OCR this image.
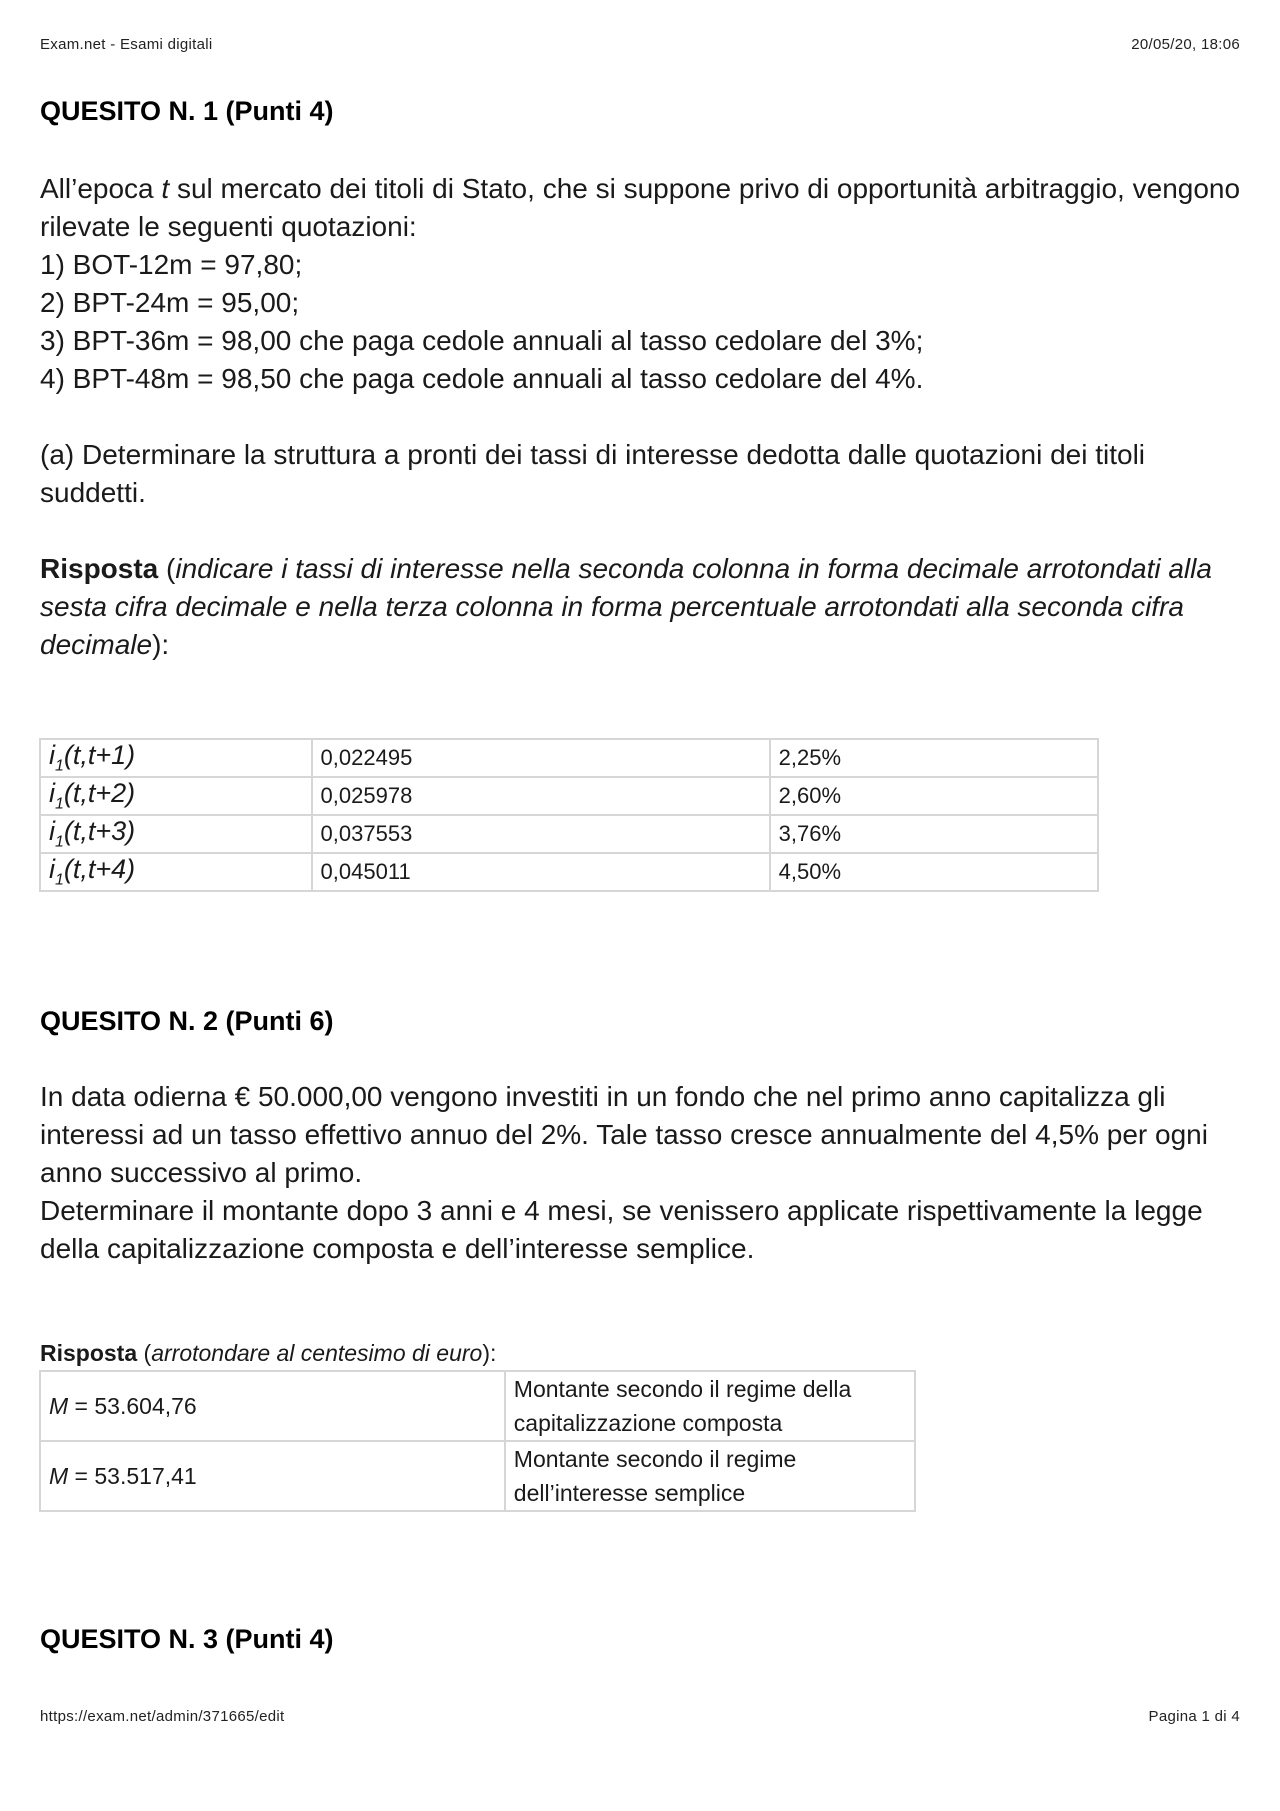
Exam.net - Esami digitali	20/05/20, 18:06
QUESITO N. 1 (Punti 4)

All’epoca t sul mercato dei titoli di Stato, che si suppone privo di opportunità arbitraggio, vengono rilevate le seguenti quotazioni:

1) BOT-12m = 97,80;

2) BPT-24m = 95,00;

3) BPT-36m = 98,00 che paga cedole annuali al tasso cedolare del 3%;

4) BPT-48m = 98,50 che paga cedole annuali al tasso cedolare del 4%.

(a) Determinare la struttura a pronti dei tassi di interesse dedotta dalle quotazioni dei titoli suddetti.
Risposta (indicare i tassi di interesse nella seconda colonna in forma decimale arrotondati alla sesta cifra decimale e nella terza colonna in forma percentuale arrotondati alla seconda cifra decimale):
$i_1(t,t+1)$	0,022495	2,25%
$i_1(t,t+2)$	0,025978	2,60%
$i_1(t,t+3)$	0,037553	3,76%
$i_1(t,t+4)$	0,045011	4,50%
QUESITO N. 2 (Punti 6)

In data odierna € 50.000,00 vengono investiti in un fondo che nel primo anno capitalizza gli interessi ad un tasso effettivo annuo del 2%. Tale tasso cresce annualmente del 4,5% per ogni anno successivo al primo.

Determinare il montante dopo 3 anni e 4 mesi, se venissero applicate rispettivamente la legge della capitalizzazione composta e dell’interesse semplice.

Risposta (arrotondare al centesimo di euro):
M = 53.604,76	Montante secondo il regime della capitalizzazione composta
M = 53.517,41	Montante secondo il regime dell’interesse semplice
QUESITO N. 3 (Punti 4)
https://exam.net/admin/371665/edit	Pagina 1 di 4
